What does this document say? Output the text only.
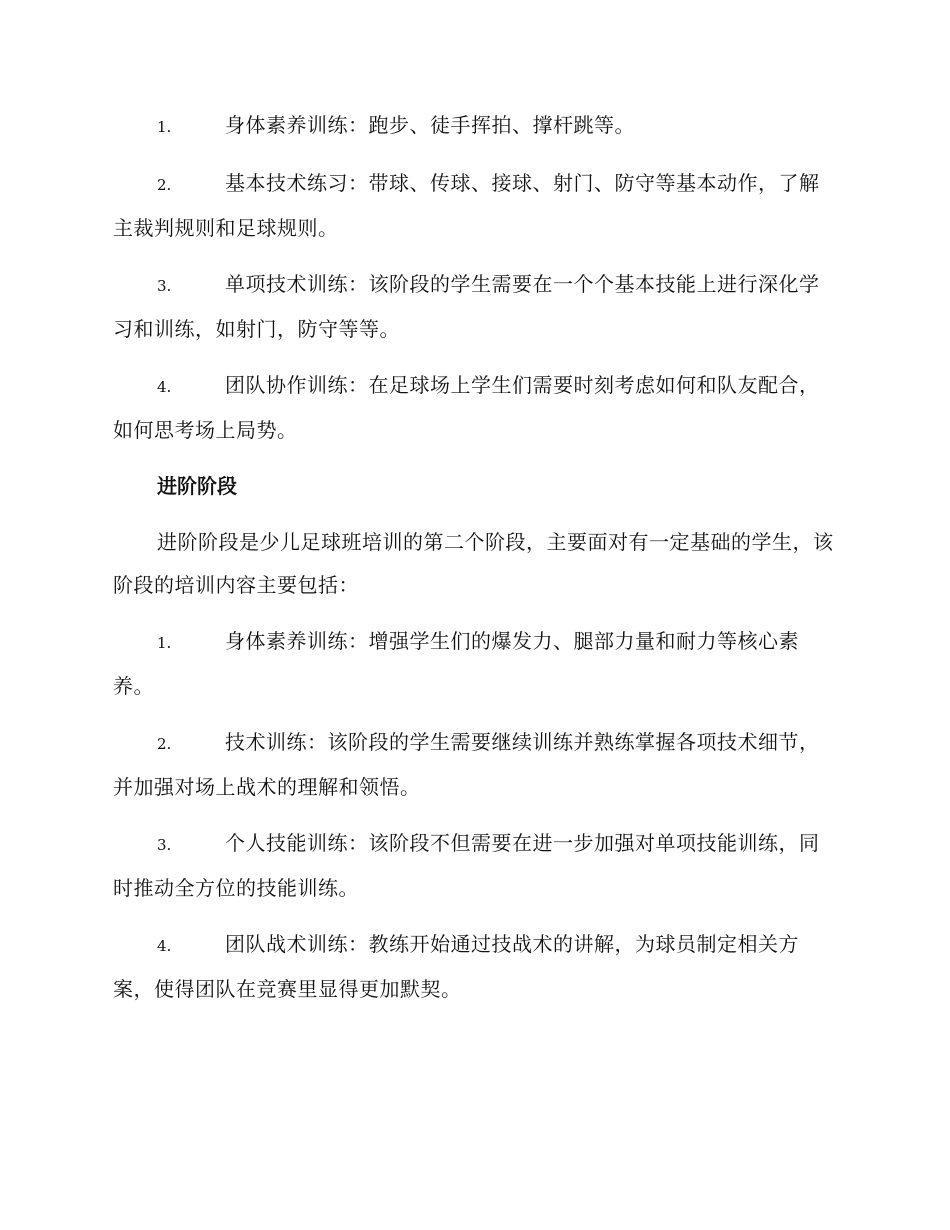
1.	身体素养训练：跑步、徒手挥拍、撑杆跳等。

2.	基本技术练习：带球、传球、接球、射门、防守等基本动作，了解主裁判规则和足球规则。

3.	单项技术训练：该阶段的学生需要在一个个基本技能上进行深化学习和训练，如射门，防守等等。

4.	团队协作训练：在足球场上学生们需要时刻考虑如何和队友配合，如何思考场上局势。

进阶阶段

进阶阶段是少儿足球班培训的第二个阶段，主要面对有一定基础的学生，该阶段的培训内容主要包括：

1.	身体素养训练：增强学生们的爆发力、腿部力量和耐力等核心素养。

2.	技术训练：该阶段的学生需要继续训练并熟练掌握各项技术细节，并加强对场上战术的理解和领悟。

3.	个人技能训练：该阶段不但需要在进一步加强对单项技能训练，同时推动全方位的技能训练。

4.	团队战术训练：教练开始通过技战术的讲解，为球员制定相关方案，使得团队在竞赛里显得更加默契。
